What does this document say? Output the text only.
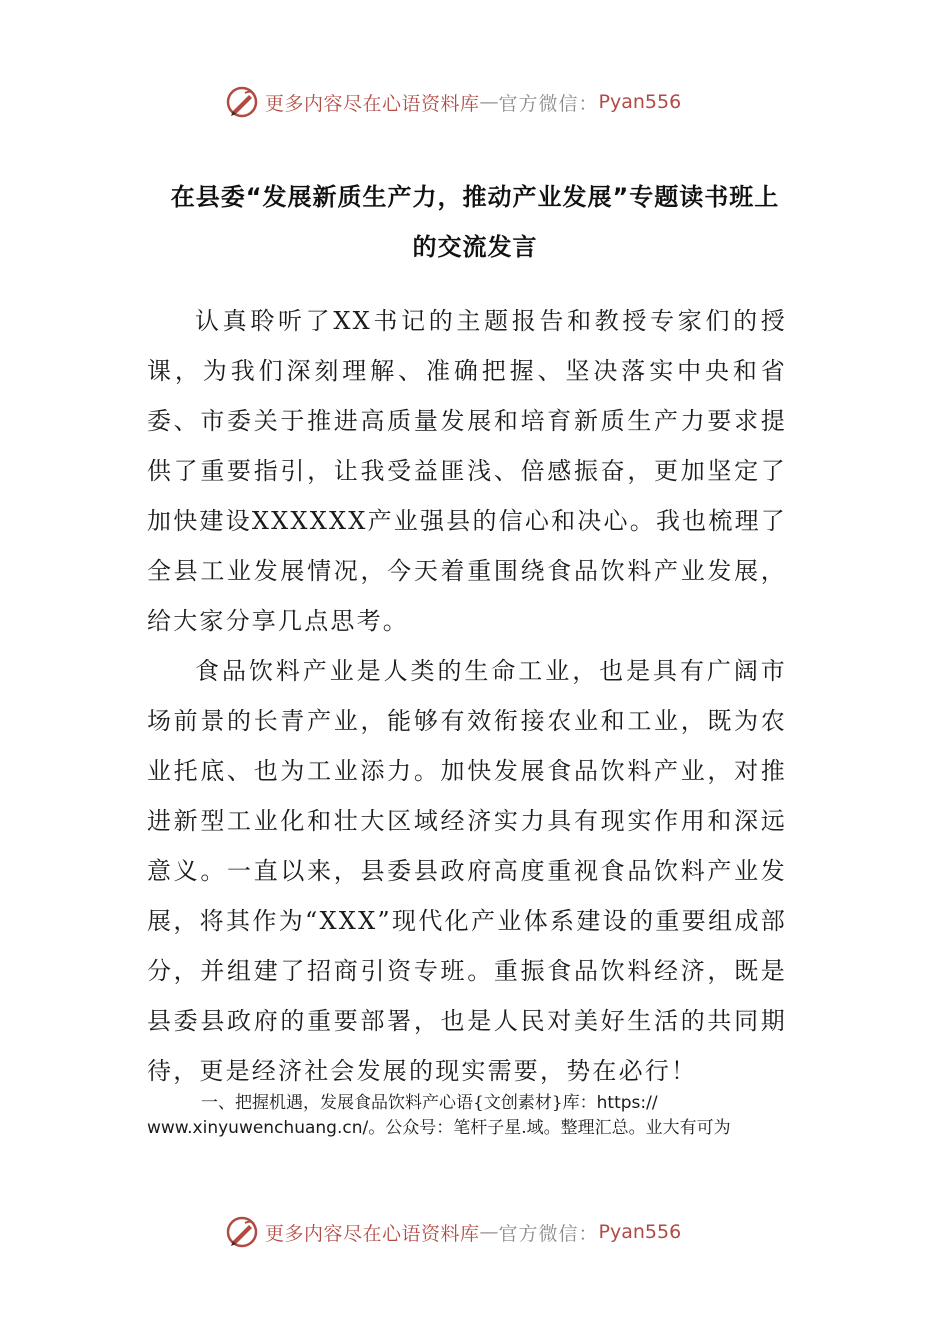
更多内容尽在心语资料库 — 官方微信： Pyan556
在县委“发展新质生产力，推动产业发展”专题读书班上
的交流发言

认真聆听了XX书记的主题报告和教授专家们的授课，为我们深刻理解、准确把握、坚决落实中央和省委、市委关于推进高质量发展和培育新质生产力要求提供了重要指引，让我受益匪浅、倍感振奋，更加坚定了加快建设XXXXXX产业强县的信心和决心。我也梳理了全县工业发展情况，今天着重围绕食品饮料产业发展，给大家分享几点思考。

食品饮料产业是人类的生命工业，也是具有广阔市场前景的长青产业，能够有效衔接农业和工业，既为农业托底、也为工业添力。加快发展食品饮料产业，对推进新型工业化和壮大区域经济实力具有现实作用和深远意义。一直以来，县委县政府高度重视食品饮料产业发展，将其作为“XXX”现代化产业体系建设的重要组成部分，并组建了招商引资专班。重振食品饮料经济，既是县委县政府的重要部署，也是人民对美好生活的共同期待，更是经济社会发展的现实需要，势在必行！

一、把握机遇，发展食品饮料产心语{文创素材}库：https://
www.xinyuwenchuang.cn/。公众号：笔杆子星.域。整理汇总。业大有可为
更多内容尽在心语资料库 — 官方微信： Pyan556
